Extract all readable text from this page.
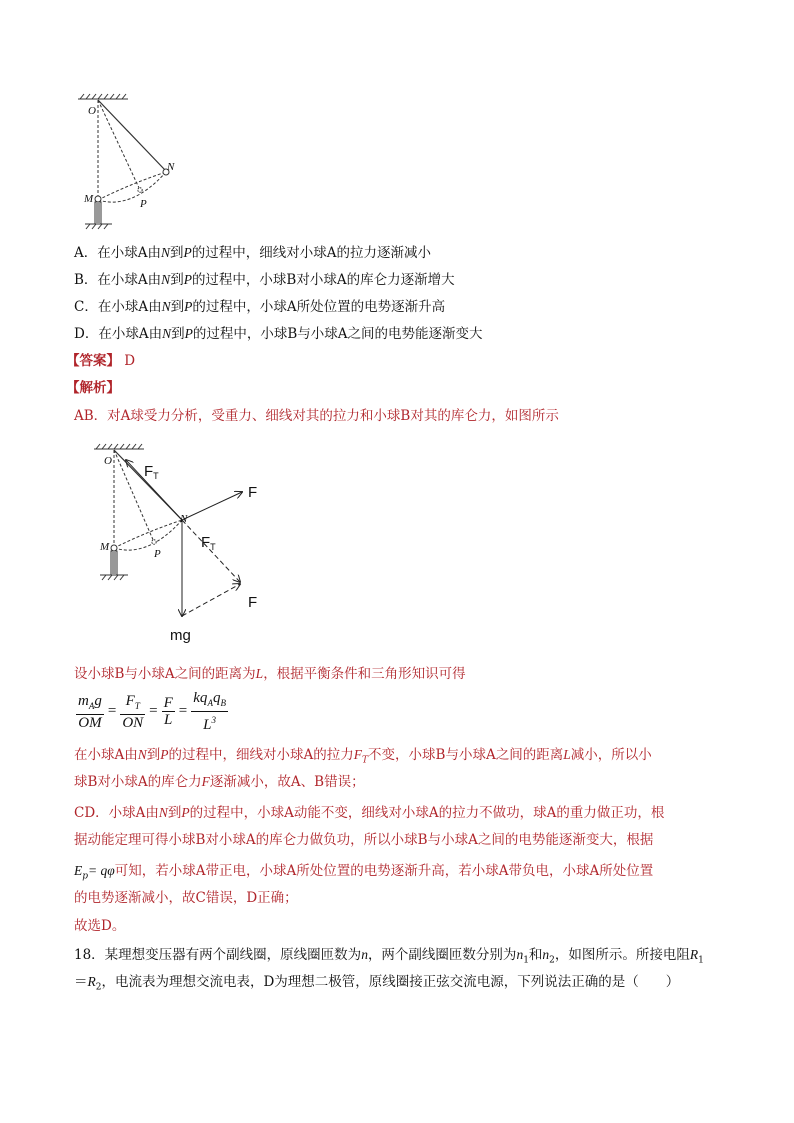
O
N
M	P
A．在小球A由N到P的过程中，细线对小球A的拉力逐渐减小
B．在小球A由N到P的过程中，小球B对小球A的库仑力逐渐增大
C．在小球A由N到P的过程中，小球A所处位置的电势逐渐升高
D．在小球A由N到P的过程中，小球B与小球A之间的电势能逐渐变大
【答案】 D
【解析】
AB．对A球受力分析，受重力、细线对其的拉力和小球B对其的库仑力，如图所示
O
N
M
P
$F_T$
F
$F_T$
F
mg
设小球B与小球A之间的距离为L，根据平衡条件和三角形知识可得
$\frac{m_Ag}{OM} = \frac{F_T}{ON} = \frac{F}{L} = \frac{kq_Aq_B}{L^3}$
在小球A由N到P的过程中，细线对小球A的拉力$F_T$不变，小球B与小球A之间的距离L减小，所以小
球B对小球A的库仑力F逐渐减小，故A、B错误；
CD．小球A由N到P的过程中，小球A动能不变，细线对小球A的拉力不做功，球A的重力做正功，根
据动能定理可得小球B对小球A的库仑力做负功，所以小球B与小球A之间的电势能逐渐变大，根据
$E_p= q\varphi$可知，若小球A带正电，小球A所处位置的电势逐渐升高，若小球A带负电，小球A所处位置
的电势逐渐减小，故C错误，D正确；
故选D。
18．某理想变压器有两个副线圈，原线圈匝数为n，两个副线圈匝数分别为$n_1$和$n_2$，如图所示。所接电阻$R_1$
$=R_2$，电流表为理想交流电表，D为理想二极管，原线圈接正弦交流电源，下列说法正确的是（　　）
